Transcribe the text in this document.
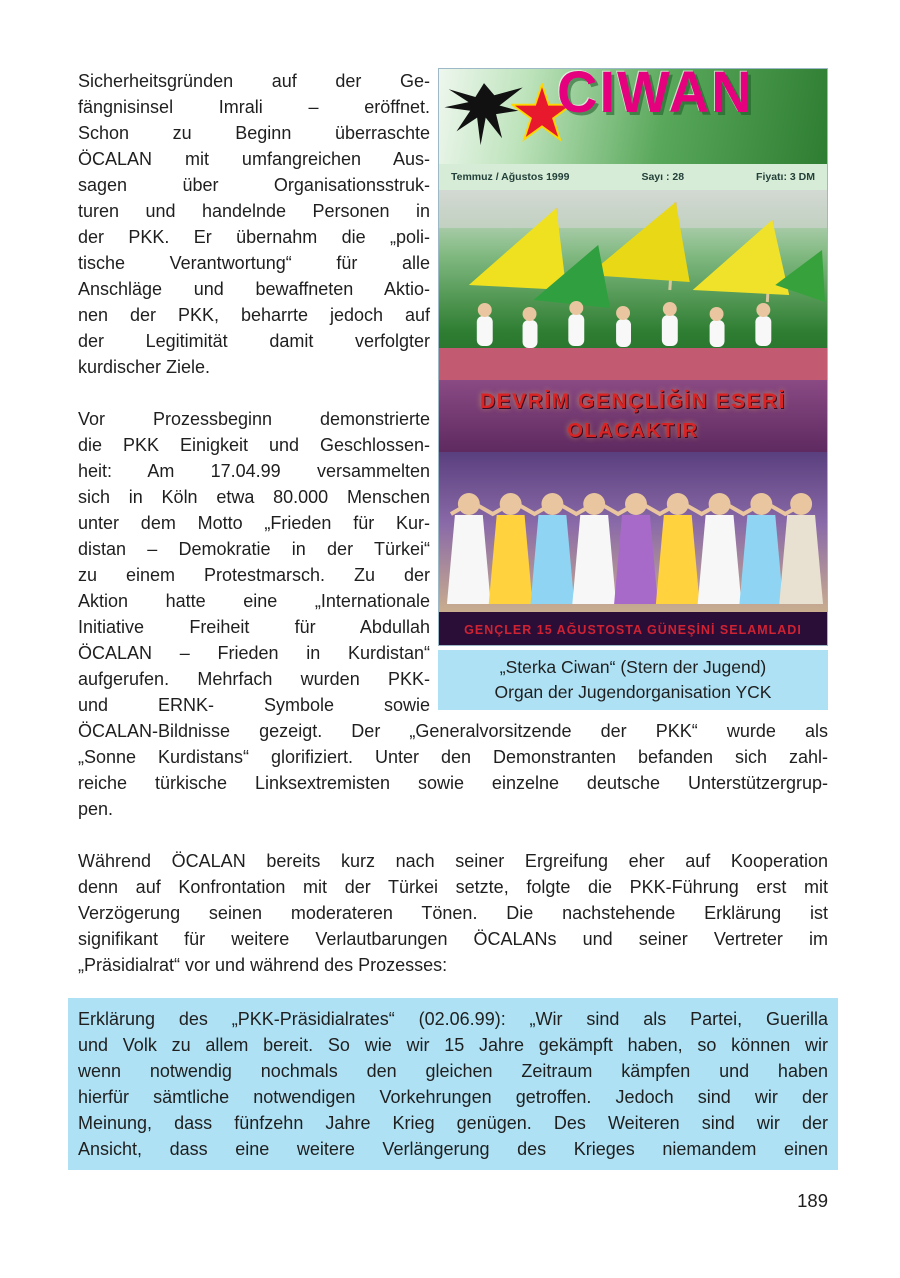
Sicherheitsgründen auf der Ge-
fängnisinsel Imrali – eröffnet.
Schon zu Beginn überraschte
ÖCALAN mit umfangreichen Aus-
sagen über Organisationsstruk-
turen und handelnde Personen in
der PKK. Er übernahm die „poli-
tische Verantwortung“ für alle
Anschläge und bewaffneten Aktio-
nen der PKK, beharrte jedoch auf
der Legitimität damit verfolgter
kurdischer Ziele.
Vor Prozessbeginn demonstrierte
die PKK Einigkeit und Geschlossen-
heit: Am 17.04.99 versammelten
sich in Köln etwa 80.000 Menschen
unter dem Motto „Frieden für Kur-
distan – Demokratie in der Türkei“
zu einem Protestmarsch. Zu der
Aktion hatte eine „Internationale
Initiative Freiheit für Abdullah
ÖCALAN – Frieden in Kurdistan“
aufgerufen. Mehrfach wurden PKK-
und ERNK- Symbole sowie
CIWAN
Temmuz / Ağustos 1999	Sayı : 28	Fiyatı: 3 DM
DEVRİM GENÇLİĞİN ESERİ
OLACAKTIR
GENÇLER 15 AĞUSTOSTA GÜNEŞİNİ SELAMLADI
„Sterka Ciwan“ (Stern der Jugend)
Organ der Jugendorganisation YCK
ÖCALAN-Bildnisse gezeigt. Der „Generalvorsitzende der PKK“ wurde als
„Sonne Kurdistans“ glorifiziert. Unter den Demonstranten befanden sich zahl-
reiche türkische Linksextremisten sowie einzelne deutsche Unterstützergrup-
pen.
Während ÖCALAN bereits kurz nach seiner Ergreifung eher auf Kooperation
denn auf Konfrontation mit der Türkei setzte, folgte die PKK-Führung erst mit
Verzögerung seinen moderateren Tönen. Die nachstehende Erklärung ist
signifikant für weitere Verlautbarungen ÖCALANs und seiner Vertreter im
„Präsidialrat“ vor und während des Prozesses:
Erklärung des „PKK-Präsidialrates“ (02.06.99): „Wir sind als Partei, Guerilla
und Volk zu allem bereit. So wie wir 15 Jahre gekämpft haben, so können wir
wenn notwendig nochmals den gleichen Zeitraum kämpfen und haben
hierfür sämtliche notwendigen Vorkehrungen getroffen. Jedoch sind wir der
Meinung, dass fünfzehn Jahre Krieg genügen. Des Weiteren sind wir der
Ansicht, dass eine weitere Verlängerung des Krieges niemandem einen
189
